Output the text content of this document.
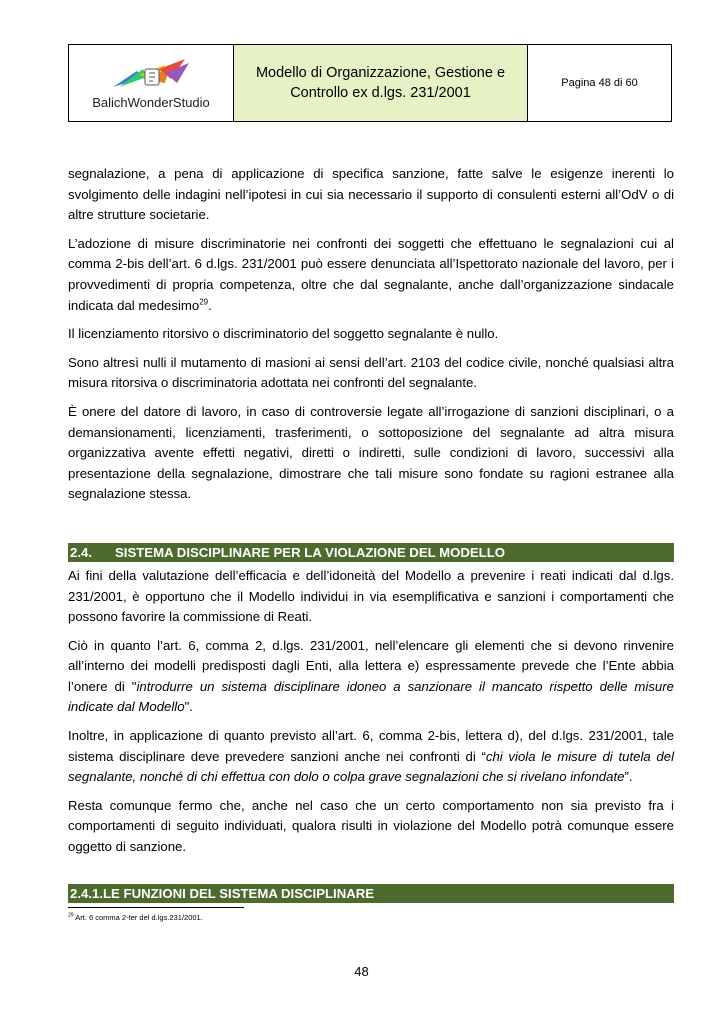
BalichWonderStudio
Modello di Organizzazione, Gestione e Controllo ex d.lgs. 231/2001
Pagina 48 di 60

segnalazione, a pena di applicazione di specifica sanzione, fatte salve le esigenze inerenti lo svolgimento delle indagini nell’ipotesi in cui sia necessario il supporto di consulenti esterni all’OdV o di altre strutture societarie.

L’adozione di misure discriminatorie nei confronti dei soggetti che effettuano le segnalazioni cui al comma 2-bis dell’art. 6 d.lgs. 231/2001 può essere denunciata all’Ispettorato nazionale del lavoro, per i provvedimenti di propria competenza, oltre che dal segnalante, anche dall’organizzazione sindacale indicata dal medesimo$^{29}$.

Il licenziamento ritorsivo o discriminatorio del soggetto segnalante è nullo.

Sono altresì nulli il mutamento di masioni ai sensi dell’art. 2103 del codice civile, nonché qualsiasi altra misura ritorsiva o discriminatoria adottata nei confronti del segnalante.

È onere del datore di lavoro, in caso di controversie legate all’irrogazione di sanzioni disciplinari, o a demansionamenti, licenziamenti, trasferimenti, o sottoposizione del segnalante ad altra misura organizzativa avente effetti negativi, diretti o indiretti, sulle condizioni di lavoro, successivi alla presentazione della segnalazione, dimostrare che tali misure sono fondate su ragioni estranee alla segnalazione stessa.

2.4. SISTEMA DISCIPLINARE PER LA VIOLAZIONE DEL MODELLO

Ai fini della valutazione dell’efficacia e dell’idoneità del Modello a prevenire i reati indicati dal d.lgs. 231/2001, è opportuno che il Modello individui in via esemplificativa e sanzioni i comportamenti che possono favorire la commissione di Reati.

Ciò in quanto l’art. 6, comma 2, d.lgs. 231/2001, nell’elencare gli elementi che si devono rinvenire all’interno dei modelli predisposti dagli Enti, alla lettera e) espressamente prevede che l’Ente abbia l’onere di "introdurre un sistema disciplinare idoneo a sanzionare il mancato rispetto delle misure indicate dal Modello".

Inoltre, in applicazione di quanto previsto all’art. 6, comma 2-bis, lettera d), del d.lgs. 231/2001, tale sistema disciplinare deve prevedere sanzioni anche nei confronti di “chi viola le misure di tutela del segnalante, nonché di chi effettua con dolo o colpa grave segnalazioni che si rivelano infondate”.

Resta comunque fermo che, anche nel caso che un certo comportamento non sia previsto fra i comportamenti di seguito individuati, qualora risulti in violazione del Modello potrà comunque essere oggetto di sanzione.

2.4.1.LE FUNZIONI DEL SISTEMA DISCIPLINARE
$^{29}$ Art. 6 comma 2-ter del d.lgs.231/2001.
48
